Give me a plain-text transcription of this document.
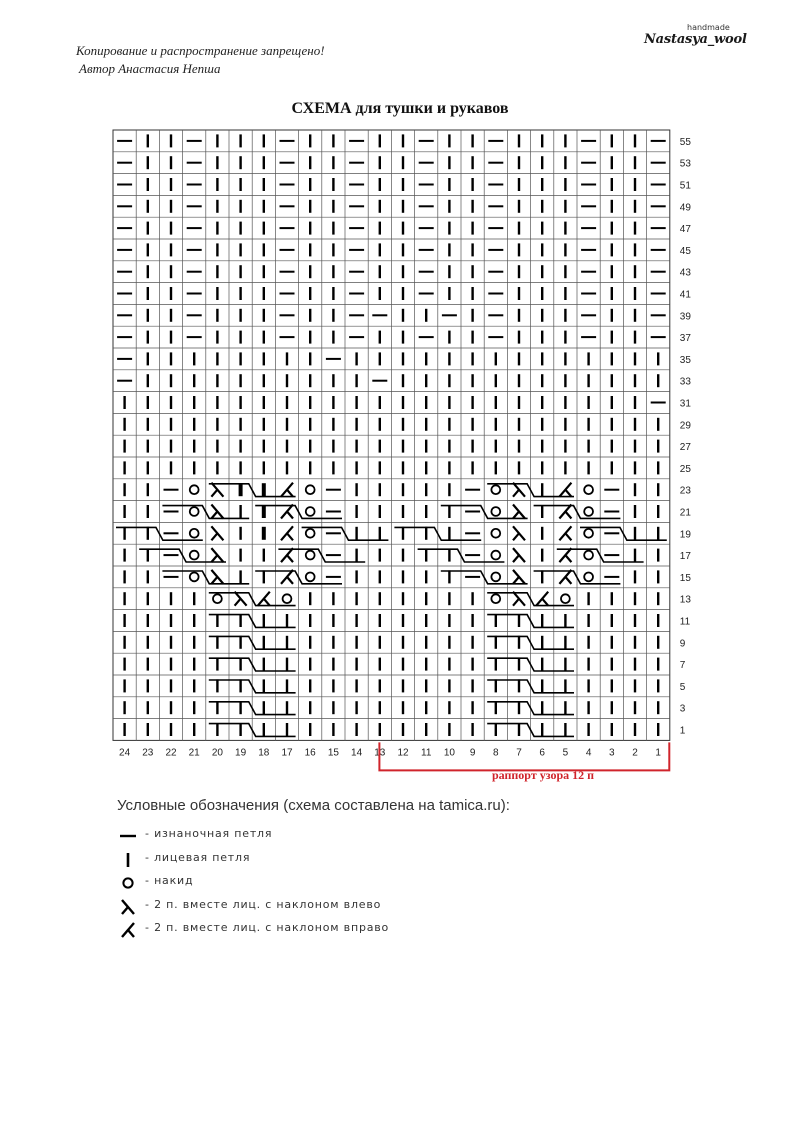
Копирование и распространение запрещено!
Автор Анастасия Непша
handmade
Nastasya_wool
СХЕМА для тушки и рукавов
55
53
51
49
47
45
43
41
39
37
35
33
31
29
27
25
23
21
19
17
15
13
11
9
7
5
3
1
24 23 22 21 20 19 18 17 16 15 14 13 12 11 10 9 8 7 6 5 4 3 2 1
раппорт узора 12 п
Условные обозначения (схема составлена на tamica.ru):
- изнаночная петля
- лицевая петля
- накид
- 2 п. вместе лиц. с наклоном влево
- 2 п. вместе лиц. с наклоном вправо
